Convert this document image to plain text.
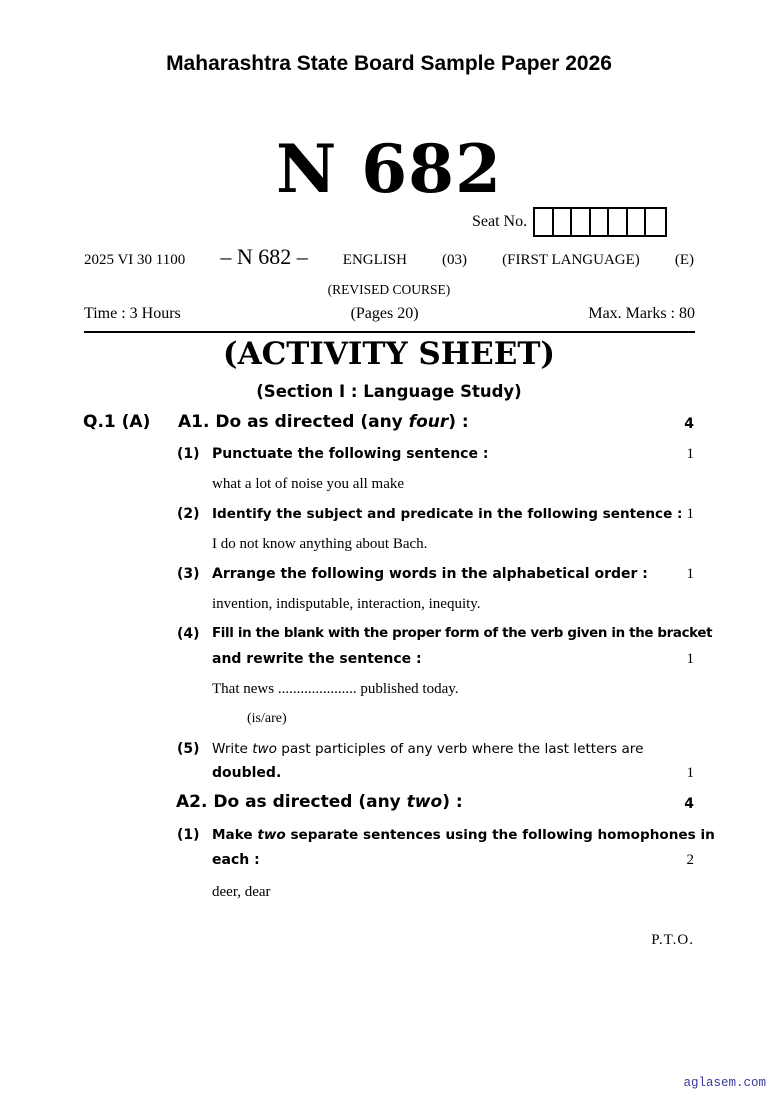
Maharashtra State Board Sample Paper 2026
N 682
Seat No.
2025 VI 30 1100 – N 682 – ENGLISH (03) (FIRST LANGUAGE) (E)
(REVISED COURSE)
Time : 3 Hours	(Pages 20)	Max. Marks : 80
(ACTIVITY SHEET)
(Section I : Language Study)
Q.1 (A) A1. Do as directed (any four) :	4
(1) Punctuate the following sentence :	1
what a lot of noise you all make
(2) Identify the subject and predicate in the following sentence : 1
I do not know anything about Bach.
(3) Arrange the following words in the alphabetical order :	1
invention, indisputable, interaction, inequity.
(4) Fill in the blank with the proper form of the verb given in the bracket
and rewrite the sentence :	1
That news ..................... published today.
(is/are)
(5) Write two past participles of any verb where the last letters are
doubled.	1
A2. Do as directed (any two) :	4
(1) Make two separate sentences using the following homophones in
each :	2
deer, dear
P.T.O.
aglasem.com
